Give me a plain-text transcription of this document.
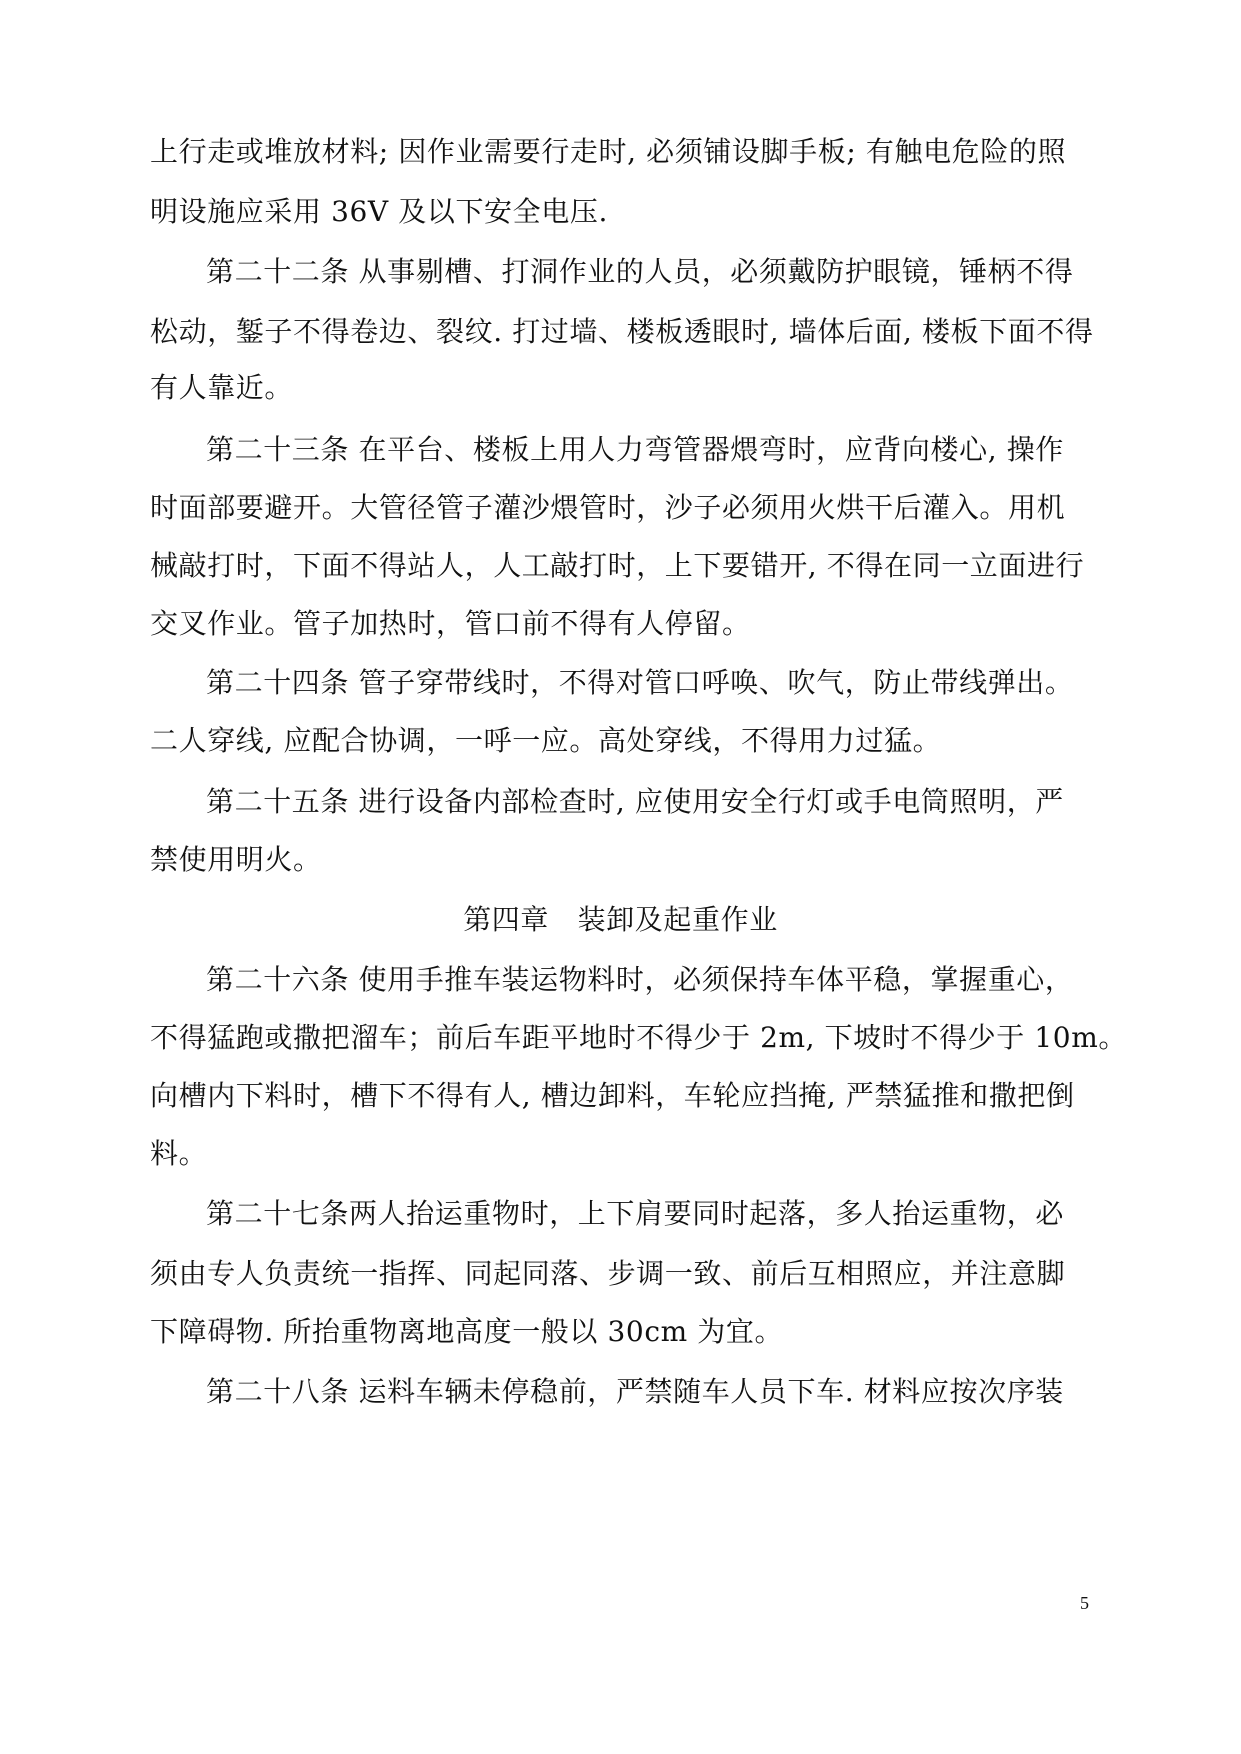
上行走或堆放材料; 因作业需要行走时, 必须铺设脚手板; 有触电危险的照
明设施应采用 36V 及以下安全电压.
第二十二条 从事剔槽、打洞作业的人员，必须戴防护眼镜，锤柄不得
松动，錾子不得卷边、裂纹. 打过墙、楼板透眼时, 墙体后面, 楼板下面不得
有人靠近。
第二十三条 在平台、楼板上用人力弯管器煨弯时，应背向楼心, 操作
时面部要避开。大管径管子灌沙煨管时，沙子必须用火烘干后灌入。用机
械敲打时，下面不得站人，人工敲打时，上下要错开, 不得在同一立面进行
交叉作业。管子加热时，管口前不得有人停留。
第二十四条 管子穿带线时，不得对管口呼唤、吹气，防止带线弹出。
二人穿线, 应配合协调，一呼一应。高处穿线，不得用力过猛。
第二十五条 进行设备内部检查时, 应使用安全行灯或手电筒照明，严
禁使用明火。
第四章　装卸及起重作业
第二十六条 使用手推车装运物料时，必须保持车体平稳，掌握重心，
不得猛跑或撒把溜车；前后车距平地时不得少于 2m, 下坡时不得少于 10m。
向槽内下料时，槽下不得有人, 槽边卸料，车轮应挡掩, 严禁猛推和撒把倒
料。
第二十七条两人抬运重物时，上下肩要同时起落，多人抬运重物，必
须由专人负责统一指挥、同起同落、步调一致、前后互相照应，并注意脚
下障碍物. 所抬重物离地高度一般以 30cm 为宜。
第二十八条 运料车辆未停稳前，严禁随车人员下车. 材料应按次序装
5
